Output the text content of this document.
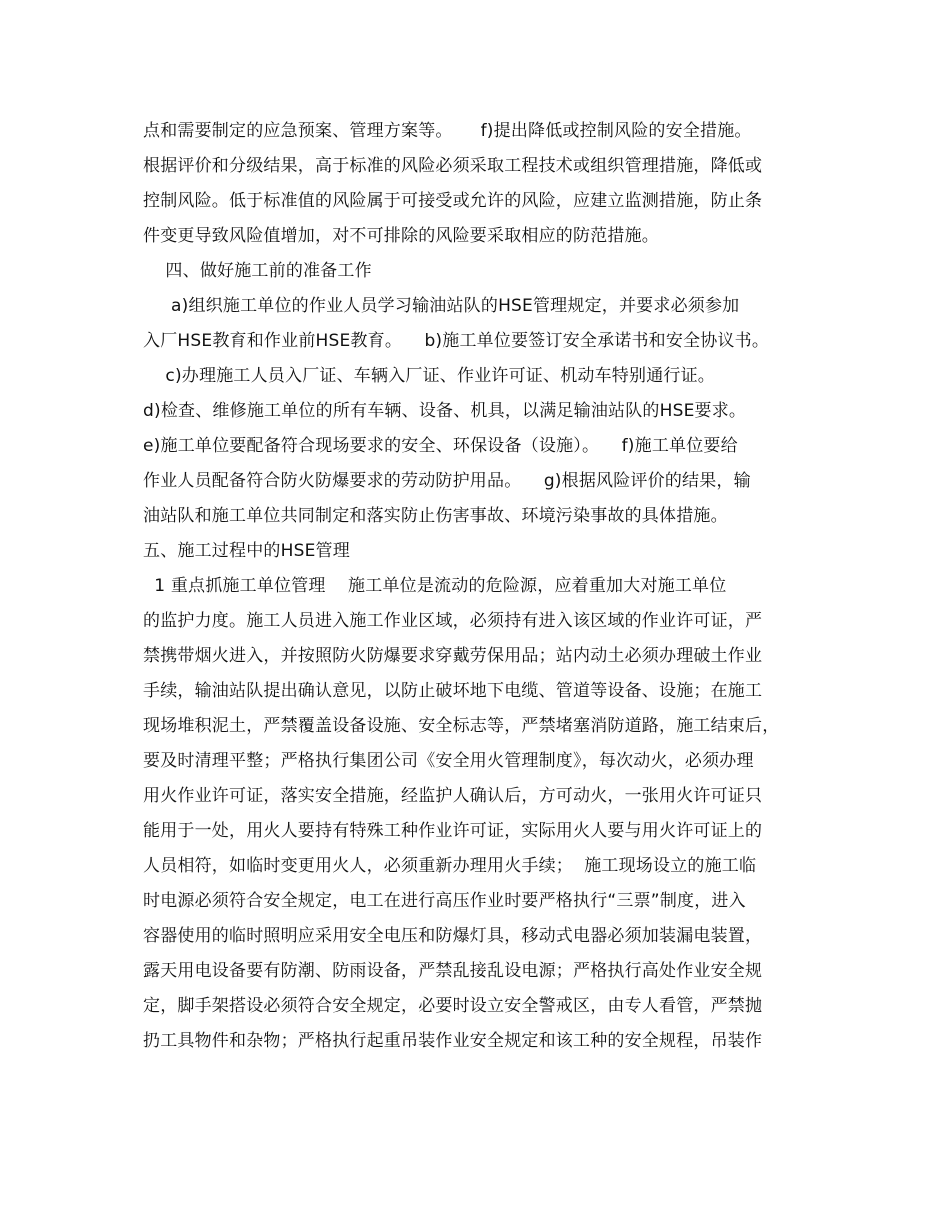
点和需要制定的应急预案、管理方案等。     f)提出降低或控制风险的安全措施。
根据评价和分级结果，高于标准的风险必须采取工程技术或组织管理措施，降低或
控制风险。低于标准值的风险属于可接受或允许的风险，应建立监测措施，防止条
件变更导致风险值增加，对不可排除的风险要采取相应的防范措施。
四、做好施工前的准备工作
a)组织施工单位的作业人员学习输油站队的HSE管理规定，并要求必须参加
入厂HSE教育和作业前HSE教育。    b)施工单位要签订安全承诺书和安全协议书。
c)办理施工人员入厂证、车辆入厂证、作业许可证、机动车特别通行证。
d)检查、维修施工单位的所有车辆、设备、机具，以满足输油站队的HSE要求。
e)施工单位要配备符合现场要求的安全、环保设备（设施）。    f)施工单位要给
作业人员配备符合防火防爆要求的劳动防护用品。    g)根据风险评价的结果，输
油站队和施工单位共同制定和落实防止伤害事故、环境污染事故的具体措施。
五、施工过程中的HSE管理
1 重点抓施工单位管理    施工单位是流动的危险源，应着重加大对施工单位
的监护力度。施工人员进入施工作业区域，必须持有进入该区域的作业许可证，严
禁携带烟火进入，并按照防火防爆要求穿戴劳保用品；站内动土必须办理破土作业
手续，输油站队提出确认意见，以防止破坏地下电缆、管道等设备、设施；在施工
现场堆积泥土，严禁覆盖设备设施、安全标志等，严禁堵塞消防道路，施工结束后，
要及时清理平整；严格执行集团公司《安全用火管理制度》，每次动火，必须办理
用火作业许可证，落实安全措施，经监护人确认后，方可动火，一张用火许可证只
能用于一处，用火人要持有特殊工种作业许可证，实际用火人要与用火许可证上的
人员相符，如临时变更用火人，必须重新办理用火手续；  施工现场设立的施工临
时电源必须符合安全规定，电工在进行高压作业时要严格执行“三票”制度，进入
容器使用的临时照明应采用安全电压和防爆灯具，移动式电器必须加装漏电装置，
露天用电设备要有防潮、防雨设备，严禁乱接乱设电源；严格执行高处作业安全规
定，脚手架搭设必须符合安全规定，必要时设立安全警戒区，由专人看管，严禁抛
扔工具物件和杂物；严格执行起重吊装作业安全规定和该工种的安全规程，吊装作
